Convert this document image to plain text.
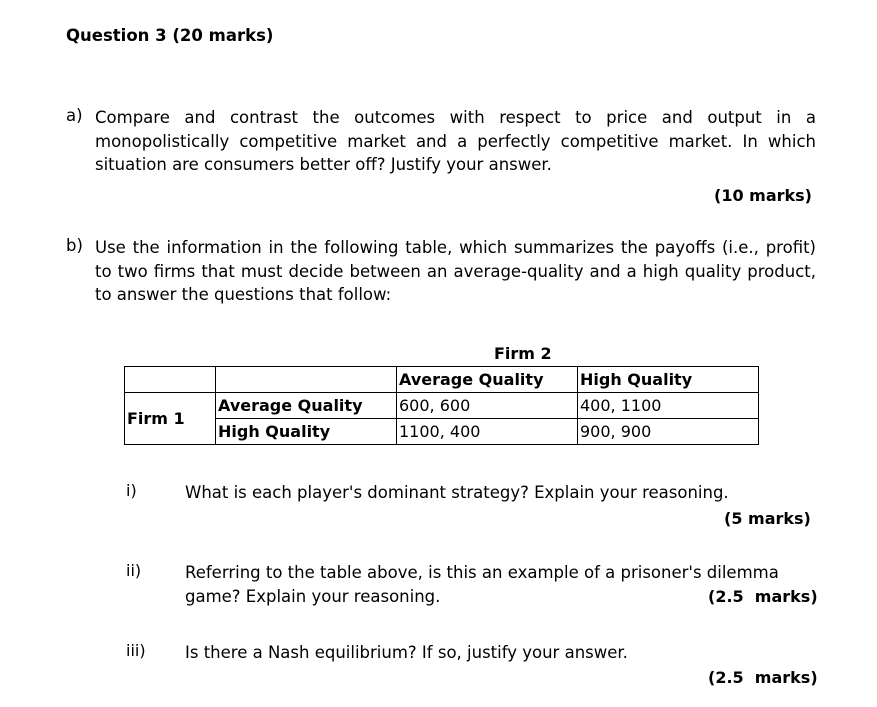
Question 3 (20 marks)
a) Compare and contrast the outcomes with respect to price and output in a monopolistically competitive market and a perfectly competitive market. In which situation are consumers better off? Justify your answer.
(10 marks)
b) Use the information in the following table, which summarizes the payoffs (i.e., profit) to two firms that must decide between an average-quality and a high quality product, to answer the questions that follow:
Firm 2
		Average Quality	High Quality
Firm 1	Average Quality	600, 600	400, 1100
	High Quality	1100, 400	900, 900
i)	What is each player's dominant strategy? Explain your reasoning.
(5 marks)
ii)	Referring to the table above, is this an example of a prisoner's dilemma
game? Explain your reasoning.	(2.5  marks)
iii) Is there a Nash equilibrium? If so, justify your answer.
(2.5  marks)
